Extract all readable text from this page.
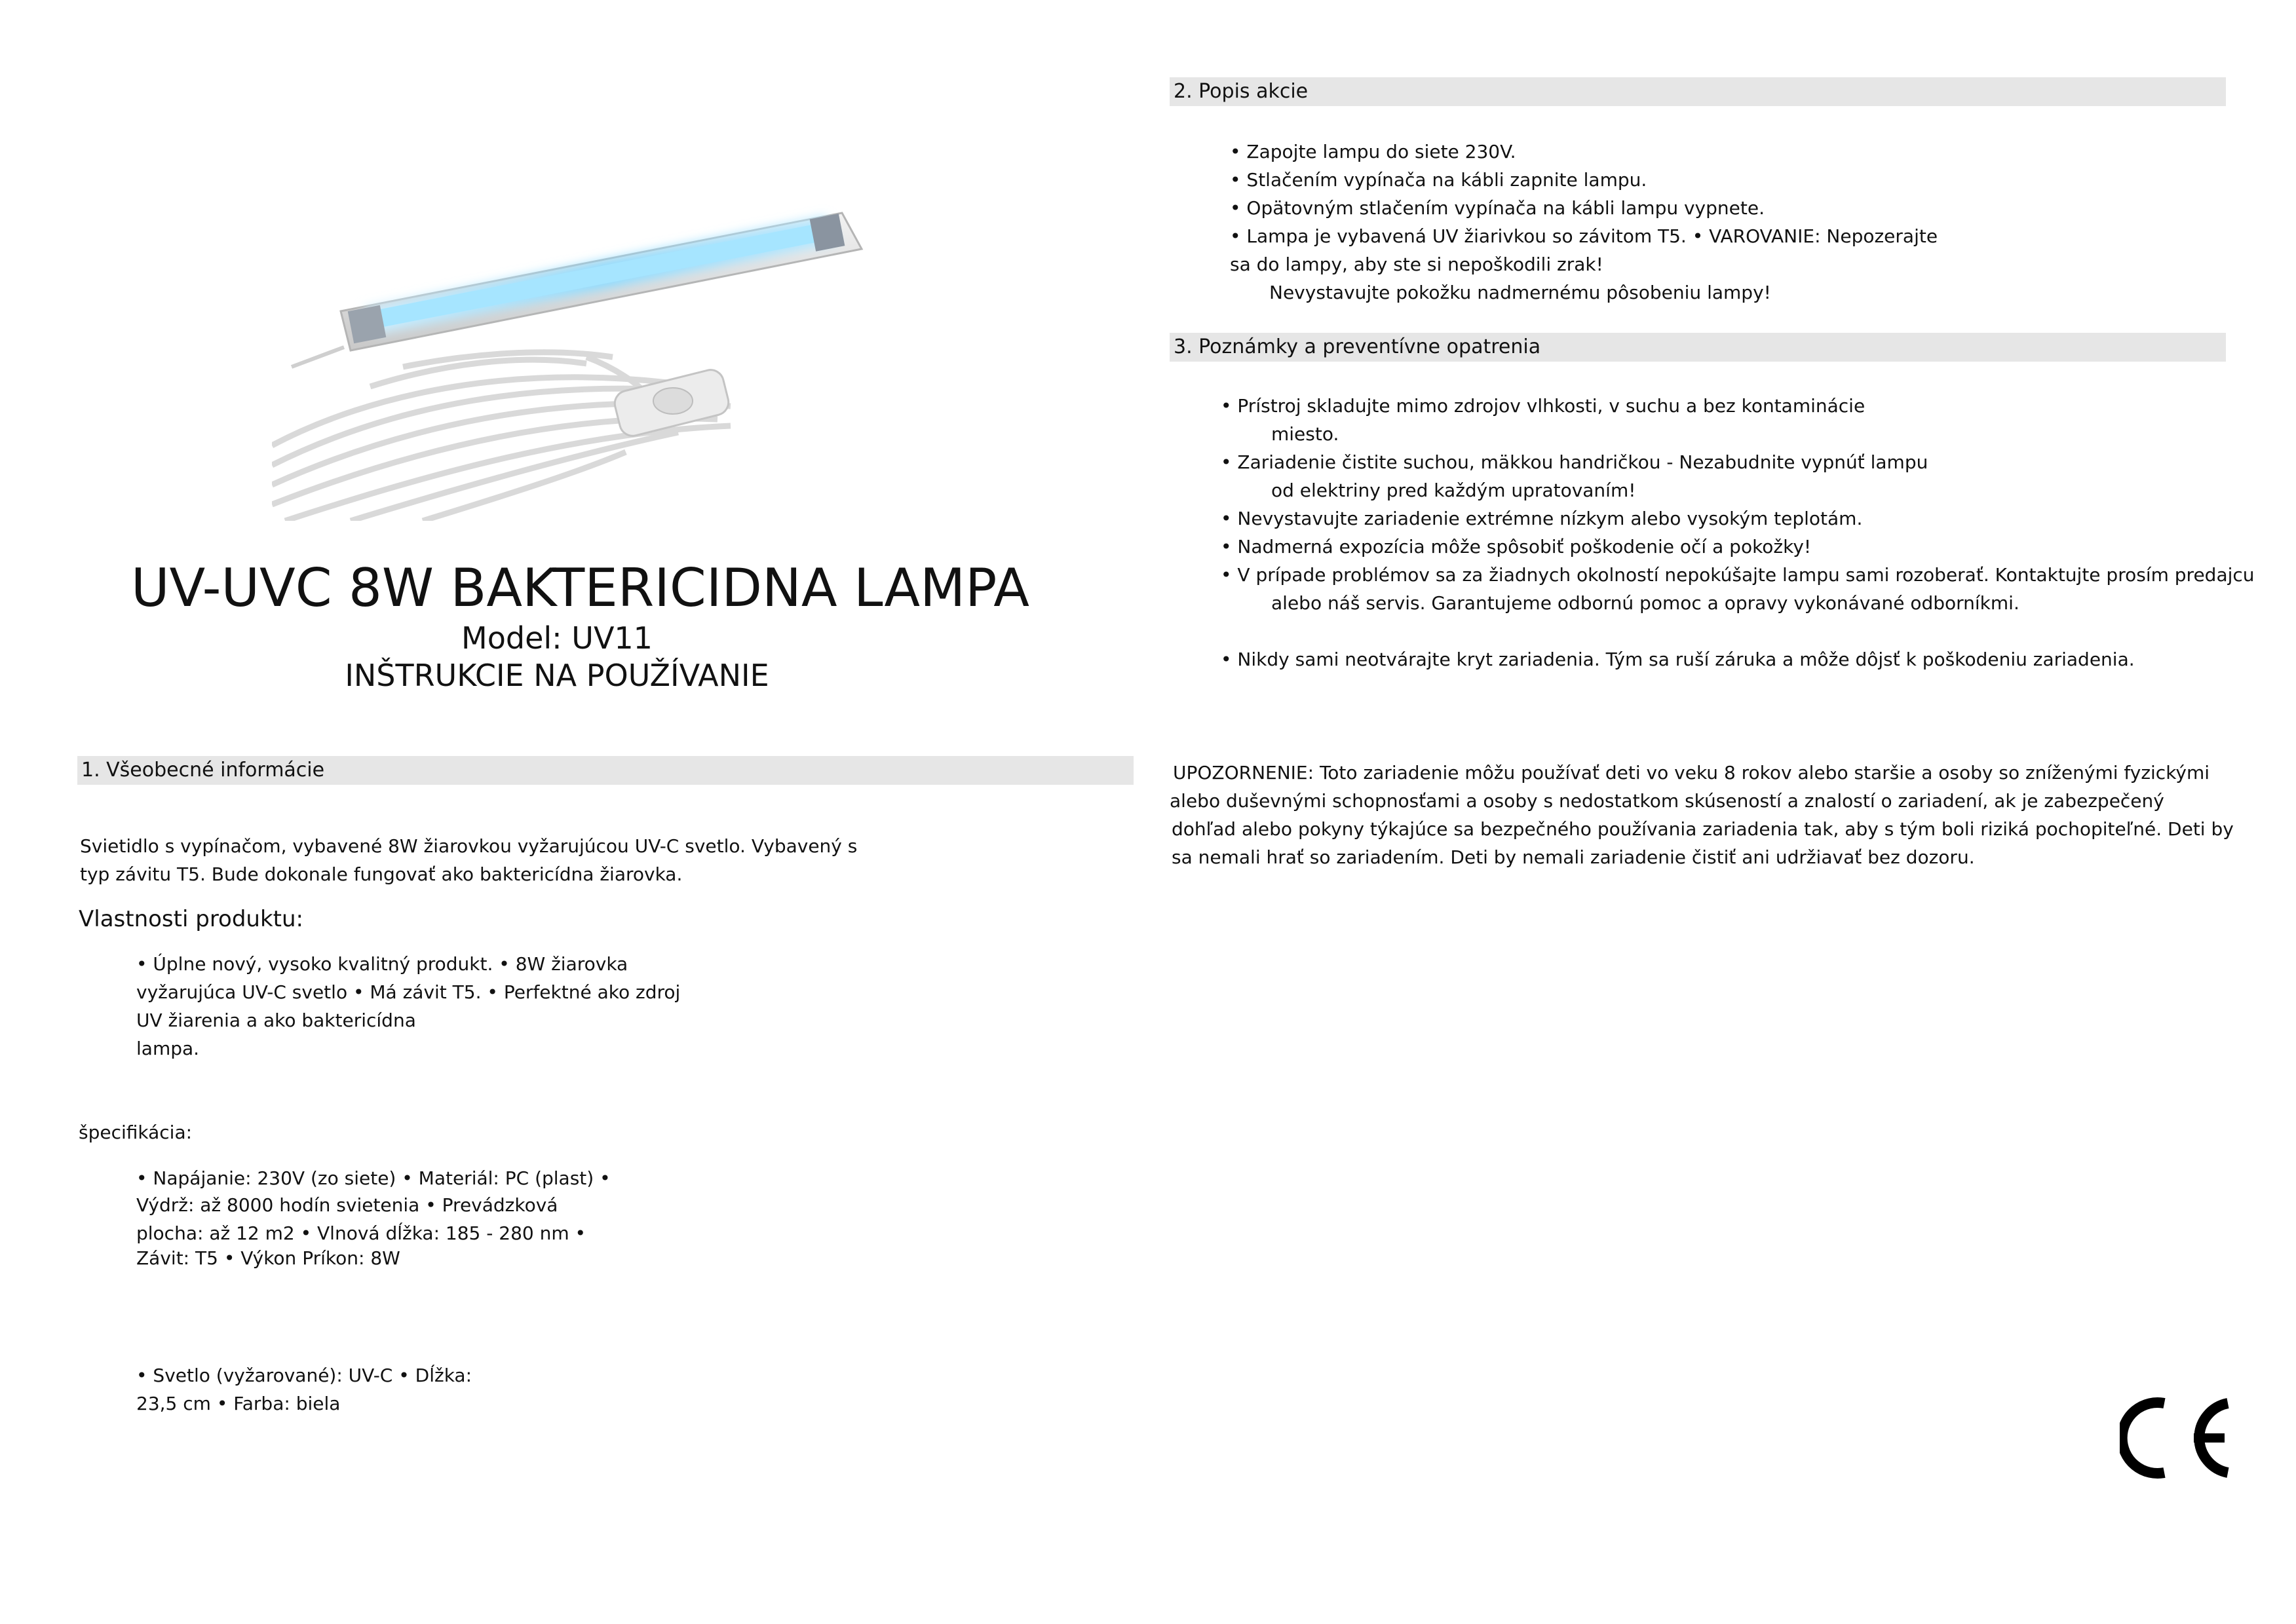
UV-UVC 8W BAKTERICIDNA LAMPA
Model: UV11
INŠTRUKCIE NA POUŽÍVANIE
1. Všeobecné informácie
Svietidlo s vypínačom, vybavené 8W žiarovkou vyžarujúcou UV-C svetlo. Vybavený s
typ závitu T5. Bude dokonale fungovať ako baktericídna žiarovka.
Vlastnosti produktu:
• Úplne nový, vysoko kvalitný produkt. • 8W žiarovka
vyžarujúca UV-C svetlo • Má závit T5. • Perfektné ako zdroj
UV žiarenia a ako baktericídna
lampa.
špecifikácia:
• Napájanie: 230V (zo siete) • Materiál: PC (plast) •
Výdrž: až 8000 hodín svietenia • Prevádzková
plocha: až 12 m2 • Vlnová dĺžka: 185 - 280 nm •
Závit: T5 • Výkon Príkon: 8W
• Svetlo (vyžarované): UV-C • Dĺžka:
23,5 cm • Farba: biela
2. Popis akcie
• Zapojte lampu do siete 230V.
• Stlačením vypínača na kábli zapnite lampu.
• Opätovným stlačením vypínača na kábli lampu vypnete.
• Lampa je vybavená UV žiarivkou so závitom T5. • VAROVANIE: Nepozerajte
sa do lampy, aby ste si nepoškodili zrak!
Nevystavujte pokožku nadmernému pôsobeniu lampy!
3. Poznámky a preventívne opatrenia
• Prístroj skladujte mimo zdrojov vlhkosti, v suchu a bez kontaminácie
miesto.
• Zariadenie čistite suchou, mäkkou handričkou - Nezabudnite vypnúť lampu
od elektriny pred každým upratovaním!
• Nevystavujte zariadenie extrémne nízkym alebo vysokým teplotám.
• Nadmerná expozícia môže spôsobiť poškodenie očí a pokožky!
• V prípade problémov sa za žiadnych okolností nepokúšajte lampu sami rozoberať. Kontaktujte prosím predajcu
alebo náš servis. Garantujeme odbornú pomoc a opravy vykonávané odborníkmi.
• Nikdy sami neotvárajte kryt zariadenia. Tým sa ruší záruka a môže dôjsť k poškodeniu zariadenia.
UPOZORNENIE: Toto zariadenie môžu používať deti vo veku 8 rokov alebo staršie a osoby so zníženými fyzickými
alebo duševnými schopnosťami a osoby s nedostatkom skúseností a znalostí o zariadení, ak je zabezpečený
dohľad alebo pokyny týkajúce sa bezpečného používania zariadenia tak, aby s tým boli riziká pochopiteľné. Deti by
sa nemali hrať so zariadením. Deti by nemali zariadenie čistiť ani udržiavať bez dozoru.
